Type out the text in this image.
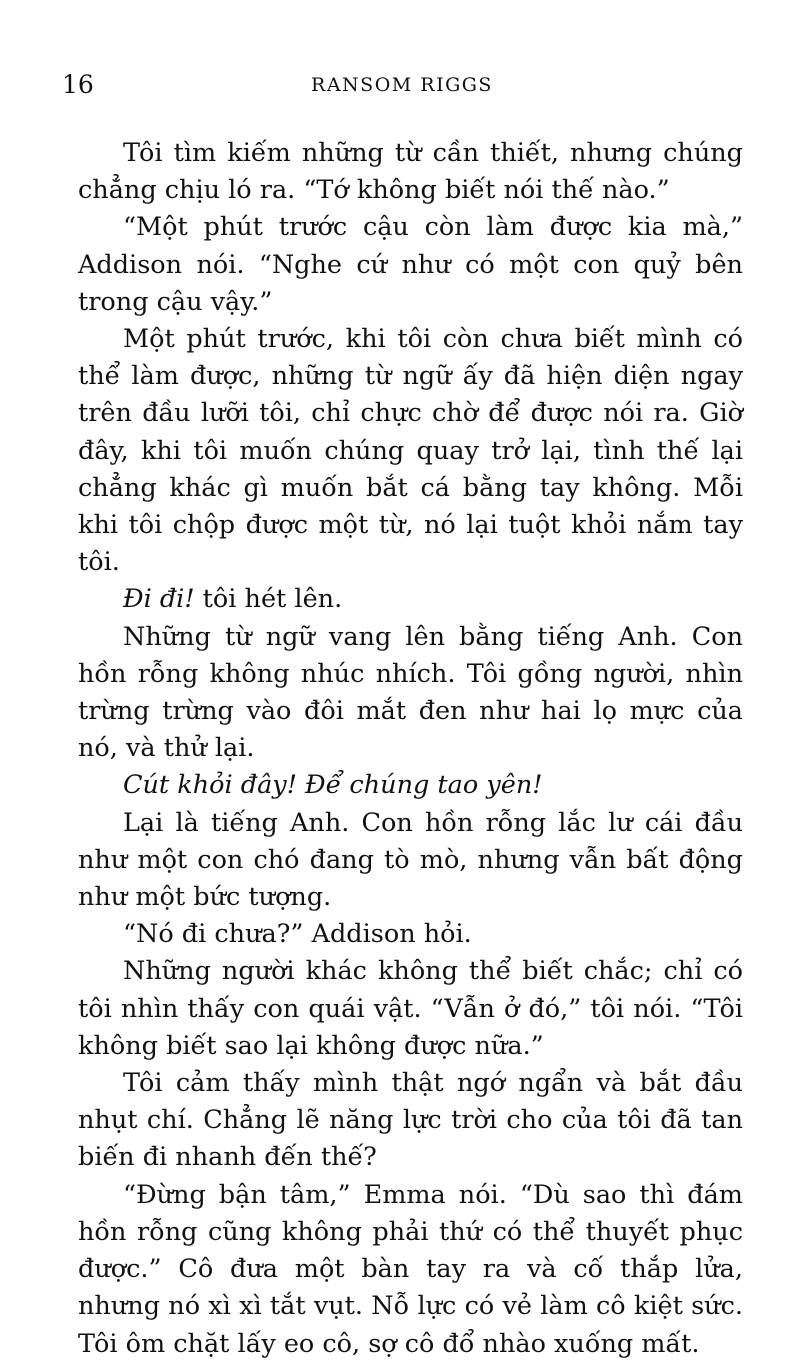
16	RANSOM RIGGS

Tôi tìm kiếm những từ cần thiết, nhưng chúng chẳng chịu ló ra. “Tớ không biết nói thế nào.”

“Một phút trước cậu còn làm được kia mà,” Addison nói. “Nghe cứ như có một con quỷ bên trong cậu vậy.”

Một phút trước, khi tôi còn chưa biết mình có thể làm được, những từ ngữ ấy đã hiện diện ngay trên đầu lưỡi tôi, chỉ chực chờ để được nói ra. Giờ đây, khi tôi muốn chúng quay trở lại, tình thế lại chẳng khác gì muốn bắt cá bằng tay không. Mỗi khi tôi chộp được một từ, nó lại tuột khỏi nắm tay tôi.

Đi đi! tôi hét lên.

Những từ ngữ vang lên bằng tiếng Anh. Con hồn rỗng không nhúc nhích. Tôi gồng người, nhìn trừng trừng vào đôi mắt đen như hai lọ mực của nó, và thử lại.

Cút khỏi đây! Để chúng tao yên!

Lại là tiếng Anh. Con hồn rỗng lắc lư cái đầu như một con chó đang tò mò, nhưng vẫn bất động như một bức tượng.

“Nó đi chưa?” Addison hỏi.

Những người khác không thể biết chắc; chỉ có tôi nhìn thấy con quái vật. “Vẫn ở đó,” tôi nói. “Tôi không biết sao lại không được nữa.”

Tôi cảm thấy mình thật ngớ ngẩn và bắt đầu nhụt chí. Chẳng lẽ năng lực trời cho của tôi đã tan biến đi nhanh đến thế?

“Đừng bận tâm,” Emma nói. “Dù sao thì đám hồn rỗng cũng không phải thứ có thể thuyết phục được.” Cô đưa một bàn tay ra và cố thắp lửa, nhưng nó xì xì tắt vụt. Nỗ lực có vẻ làm cô kiệt sức. Tôi ôm chặt lấy eo cô, sợ cô đổ nhào xuống mất.
